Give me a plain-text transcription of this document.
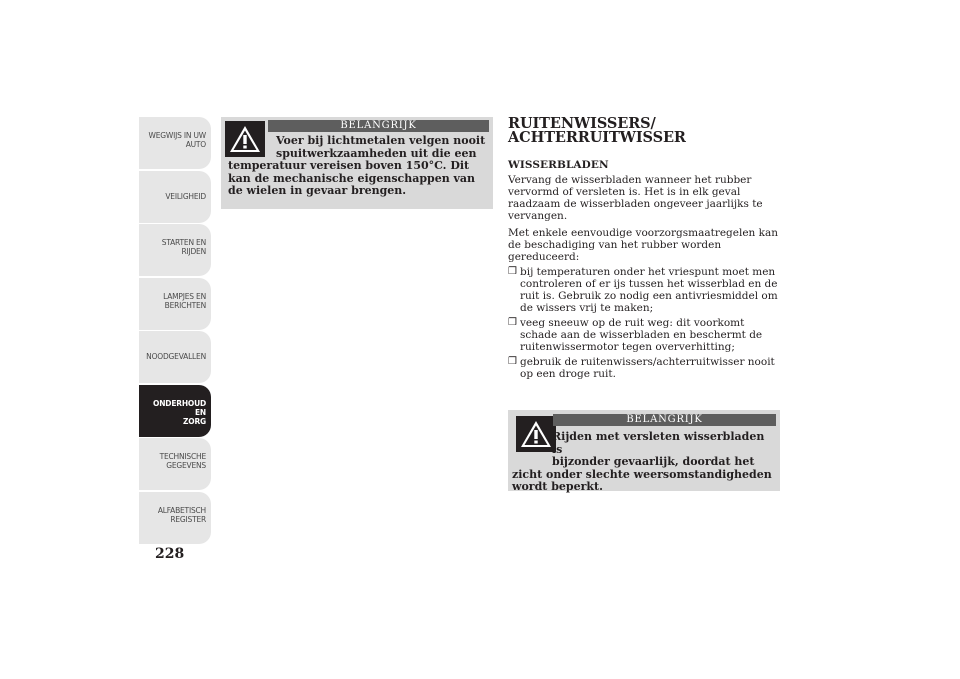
WEGWIJS IN UW
AUTO
VEILIGHEID
STARTEN EN
RIJDEN
LAMPJES EN
BERICHTEN
NOODGEVALLEN
ONDERHOUD EN
ZORG
TECHNISCHE
GEGEVENS
ALFABETISCH
REGISTER
228
BELANGRIJK
Voer bij lichtmetalen velgen nooit
spuitwerkzaamheden uit die een
temperatuur vereisen boven 150°C. Dit kan de mechanische eigenschappen van de wielen in gevaar brengen.
RUITENWISSERS/
ACHTERRUITWISSER
WISSERBLADEN
Vervang de wisserbladen wanneer het rubber vervormd of versleten is. Het is in elk geval raadzaam de wisserbladen ongeveer jaarlijks te vervangen.
Met enkele eenvoudige voorzorgsmaatregelen kan de beschadiging van het rubber worden gereduceerd:
❒ bij temperaturen onder het vriespunt moet men controleren of er ijs tussen het wisserblad en de ruit is. Gebruik zo nodig een antivriesmiddel om de wissers vrij te maken;
❒ veeg sneeuw op de ruit weg: dit voorkomt schade aan de wisserbladen en beschermt de ruitenwissermotor tegen oververhitting;
❒ gebruik de ruitenwissers/achterruitwisser nooit op een droge ruit.
BELANGRIJK
Rijden met versleten wisserbladen is
bijzonder gevaarlijk, doordat het
zicht onder slechte weersomstandigheden wordt beperkt.
